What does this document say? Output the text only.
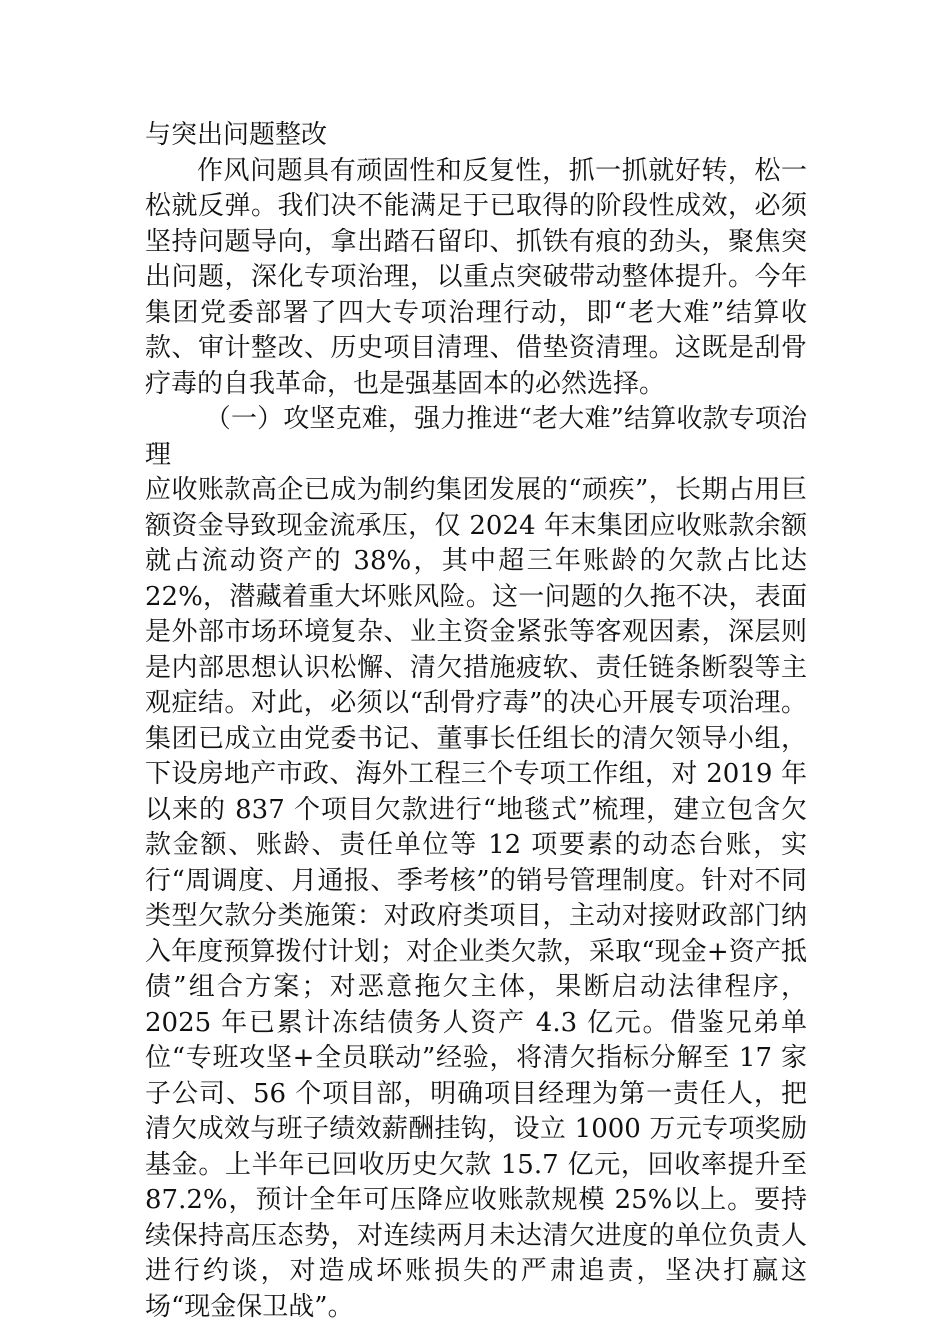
与突出问题整改

作风问题具有顽固性和反复性，抓一抓就好转，松一松就反弹。我们决不能满足于已取得的阶段性成效，必须坚持问题导向，拿出踏石留印、抓铁有痕的劲头，聚焦突出问题，深化专项治理，以重点突破带动整体提升。今年集团党委部署了四大专项治理行动，即“老大难”结算收款、审计整改、历史项目清理、借垫资清理。这既是刮骨疗毒的自我革命，也是强基固本的必然选择。

（一）攻坚克难，强力推进“老大难”结算收款专项治理

应收账款高企已成为制约集团发展的“顽疾”，长期占用巨额资金导致现金流承压，仅 2024 年末集团应收账款余额就占流动资产的 38%，其中超三年账龄的欠款占比达 22%，潜藏着重大坏账风险。这一问题的久拖不决，表面是外部市场环境复杂、业主资金紧张等客观因素，深层则是内部思想认识松懈、清欠措施疲软、责任链条断裂等主观症结。对此，必须以“刮骨疗毒”的决心开展专项治理。集团已成立由党委书记、董事长任组长的清欠领导小组，下设房地产市政、海外工程三个专项工作组，对 2019 年以来的 837 个项目欠款进行“地毯式”梳理，建立包含欠款金额、账龄、责任单位等 12 项要素的动态台账，实行“周调度、月通报、季考核”的销号管理制度。针对不同类型欠款分类施策：对政府类项目，主动对接财政部门纳入年度预算拨付计划；对企业类欠款，采取“现金+资产抵债”组合方案；对恶意拖欠主体，果断启动法律程序，2025 年已累计冻结债务人资产 4.3 亿元。借鉴兄弟单位“专班攻坚+全员联动”经验，将清欠指标分解至 17 家子公司、56 个项目部，明确项目经理为第一责任人，把清欠成效与班子绩效薪酬挂钩，设立 1000 万元专项奖励基金。上半年已回收历史欠款 15.7 亿元，回收率提升至 87.2%，预计全年可压降应收账款规模 25%以上。要持续保持高压态势，对连续两月未达清欠进度的单位负责人进行约谈，对造成坏账损失的严肃追责，坚决打赢这场“现金保卫战”。
